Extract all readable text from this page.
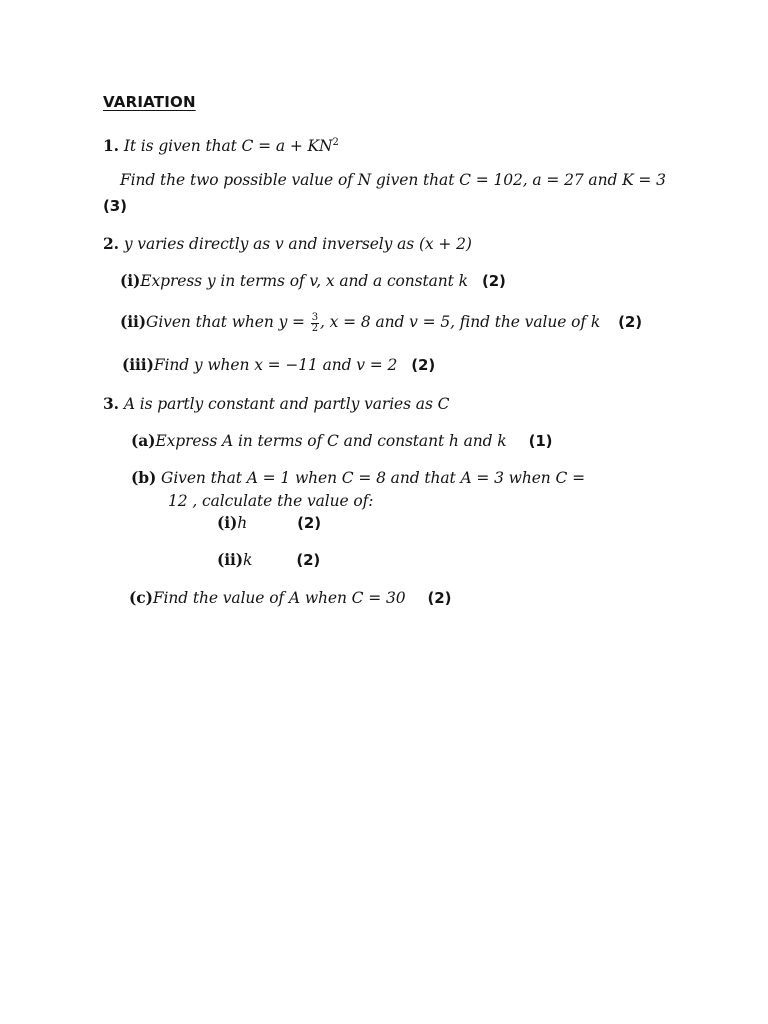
VARIATION
1. It is given that $C = a + KN^2$
Find the two possible value of N given that C = 102, a = 27 and K = 3
(3)
2. y varies directly as v and inversely as (x + 2)
(i)Express y in terms of v, x and a constant k (2)
(ii)Given that when $y = \frac{3}{2}$ , x = 8 and v = 5, find the value of k (2)
(iii)Find y when x = −11 and v = 2 (2)
3. A is partly constant and partly varies as C
(a)Express A in terms of C and constant h and k (1)
(b) Given that A = 1 when C = 8 and that A = 3 when C =
12 , calculate the value of:
(i)h	(2)
(ii)k	(2)
(c)Find the value of A when C = 30 (2)
